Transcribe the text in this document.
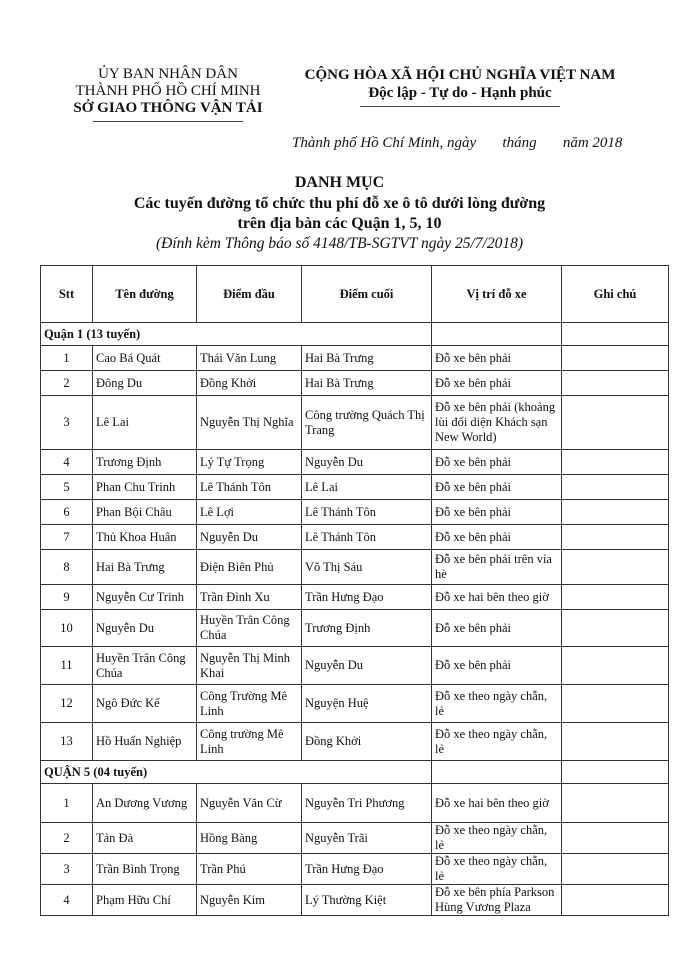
ỦY BAN NHÂN DÂN
THÀNH PHỐ HỒ CHÍ MINH
SỞ GIAO THÔNG VẬN TẢI
CỘNG HÒA XÃ HỘI CHỦ NGHĨA VIỆT NAM
Độc lập - Tự do - Hạnh phúc
Thành phố Hồ Chí Minh, ngày       tháng       năm 2018
DANH MỤC
Các tuyến đường tổ chức thu phí đỗ xe ô tô dưới lòng đường
trên địa bàn các Quận 1, 5, 10
(Đính kèm Thông báo số 4148/TB-SGTVT ngày 25/7/2018)
Stt	Tên đường	Điểm đầu	Điểm cuối	Vị trí đỗ xe	Ghi chú
Quận 1 (13 tuyến)					
1	Cao Bá Quát	Thái Văn Lung	Hai Bà Trưng	Đỗ xe bên phải	
2	Đông Du	Đồng Khởi	Hai Bà Trưng	Đỗ xe bên phải	
3	Lê Lai	Nguyễn Thị Nghĩa	Công trường Quách Thị Trang	Đỗ xe bên phải (khoảng lùi đối diện Khách sạn New World)	
4	Trương Định	Lý Tự Trọng	Nguyễn Du	Đỗ xe bên phải	
5	Phan Chu Trinh	Lê Thánh Tôn	Lê Lai	Đỗ xe bên phải	
6	Phan Bội Châu	Lê Lợi	Lê Thánh Tôn	Đỗ xe bên phải	
7	Thủ Khoa Huân	Nguyễn Du	Lê Thánh Tôn	Đỗ xe bên phải	
8	Hai Bà Trưng	Điện Biên Phủ	Võ Thị Sáu	Đỗ xe bên phải trên vỉa hè	
9	Nguyễn Cư Trinh	Trần Đình Xu	Trần Hưng Đạo	Đỗ xe hai bên theo giờ	
10	Nguyễn Du	Huyền Trân Công Chúa	Trương Định	Đỗ xe bên phải	
11	Huyền Trân Công Chúa	Nguyễn Thị Minh Khai	Nguyễn Du	Đỗ xe bên phải	
12	Ngô Đức Kế	Công Trường Mê Linh	Nguyện Huệ	Đỗ xe theo ngày chẵn, lẻ	
13	Hồ Huấn Nghiệp	Công trường Mê Linh	Đồng Khởi	Đỗ xe theo ngày chẵn, lẻ	
QUẬN 5 (04 tuyến)					
1	An Dương Vương	Nguyễn Văn Cừ	Nguyễn Tri Phương	Đỗ xe hai bên theo giờ	
2	Tản Đà	Hồng Bàng	Nguyễn Trãi	Đỗ xe theo ngày chẵn, lẻ	
3	Trần Bình Trọng	Trần Phú	Trần Hưng Đạo	Đỗ xe theo ngày chẵn, lẻ	
4	Phạm Hữu Chí	Nguyễn Kim	Lý Thường Kiệt	Đỗ xe bên phía Parkson Hùng Vương Plaza	
